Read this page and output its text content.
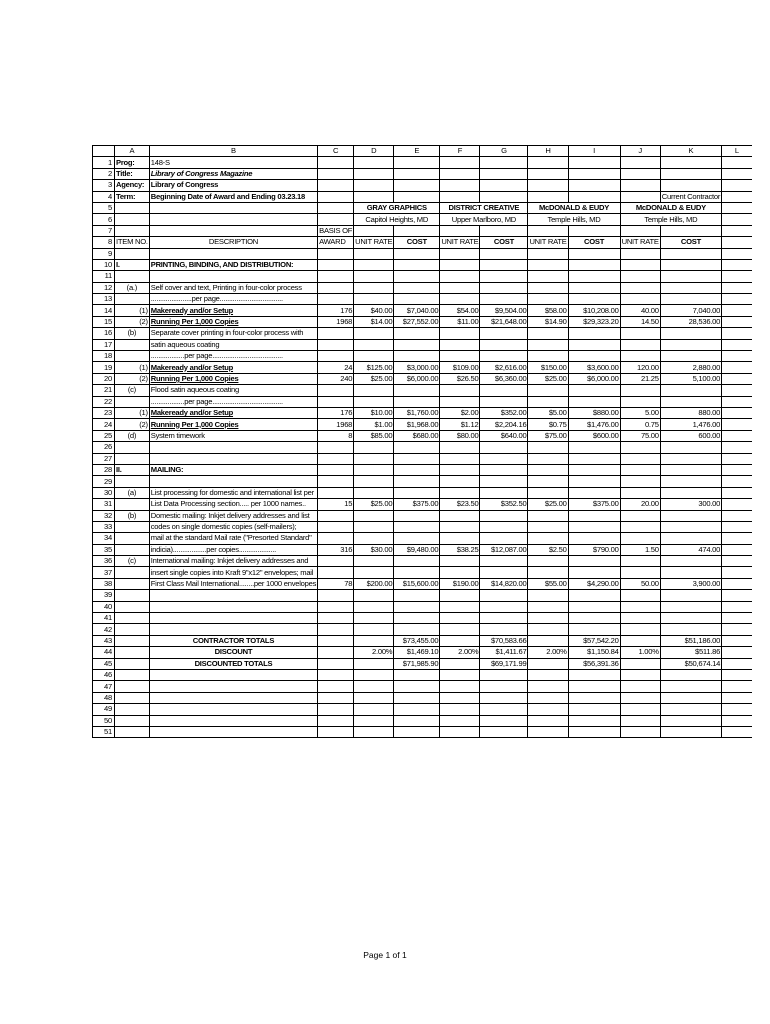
	A	B	C	D	E	F	G	H	I	J	K	L
1	Prog:	148-S										
2	Title:	Library of Congress Magazine										
3	Agency:	Library of Congress										
4	Term:	Beginning Date of Award and Ending 03.23.18									Current Contractor	
5				GRAY GRAPHICS		DISTRICT CREATIVE		McDONALD & EUDY		McDONALD & EUDY		
6				Capitol Heights, MD		Upper Marlboro, MD		Temple Hills, MD		Temple Hills, MD		
7			BASIS OF									
8	ITEM NO.	DESCRIPTION	AWARD	UNIT RATE	COST	UNIT RATE	COST	UNIT RATE	COST	UNIT RATE	COST	
9												
10	I.	PRINTING, BINDING, AND DISTRIBUTION:										
11												
12	(a.)	Self cover and text, Printing in four-color process										
13		......................per page..................................										
14	(1)	Makeready and/or Setup	176	$40.00	$7,040.00	$54.00	$9,504.00	$58.00	$10,208.00	40.00	7,040.00	
15	(2)	Running Per 1,000 Copies	1968	$14.00	$27,552.00	$11.00	$21,648.00	$14.90	$29,323.20	14.50	28,536.00	
16	(b)	Separate cover printing in four-color process with										
17		satin aqueous coating										
18		..................per page......................................										
19	(1)	Makeready and/or Setup	24	$125.00	$3,000.00	$109.00	$2,616.00	$150.00	$3,600.00	120.00	2,880.00	
20	(2)	Running Per 1,000 Copies	240	$25.00	$6,000.00	$26.50	$6,360.00	$25.00	$6,000.00	21.25	5,100.00	
21	(c)	Flood satin aqueous coating										
22		..................per page......................................										
23	(1)	Makeready and/or Setup	176	$10.00	$1,760.00	$2.00	$352.00	$5.00	$880.00	5.00	880.00	
24	(2)	Running Per 1,000 Copies	1968	$1.00	$1,968.00	$1.12	$2,204.16	$0.75	$1,476.00	0.75	1,476.00	
25	(d)	System timework	8	$85.00	$680.00	$80.00	$640.00	$75.00	$600.00	75.00	600.00	
26												
27												
28	II.	MAILING:										
29												
30	(a)	List processing for domestic and international list per										
31		List Data Processing section..... per 1000 names..	15	$25.00	$375.00	$23.50	$352.50	$25.00	$375.00	20.00	300.00	
32	(b)	Domestic mailing: Inkjet delivery addresses and list										
33		codes on single domestic copies (self-mailers);										
34		mail at the standard Mail rate ("Presorted Standard"										
35		indicia)..................per copies....................	316	$30.00	$9,480.00	$38.25	$12,087.00	$2.50	$790.00	1.50	474.00	
36	(c)	International mailing: Inkjet delivery addresses and										
37		insert single copies into Kraft 9"x12" envelopes; mail										
38		First Class Mail International........per 1000 envelopes	78	$200.00	$15,600.00	$190.00	$14,820.00	$55.00	$4,290.00	50.00	3,900.00	
39												
40												
41												
42												
43		CONTRACTOR TOTALS			$73,455.00		$70,583.66		$57,542.20		$51,186.00	
44		DISCOUNT		2.00%	$1,469.10	2.00%	$1,411.67	2.00%	$1,150.84	1.00%	$511.86	
45		DISCOUNTED TOTALS			$71,985.90		$69,171.99		$56,391.36		$50,674.14	
46												
47												
48												
49												
50												
51												
Page 1 of 1
